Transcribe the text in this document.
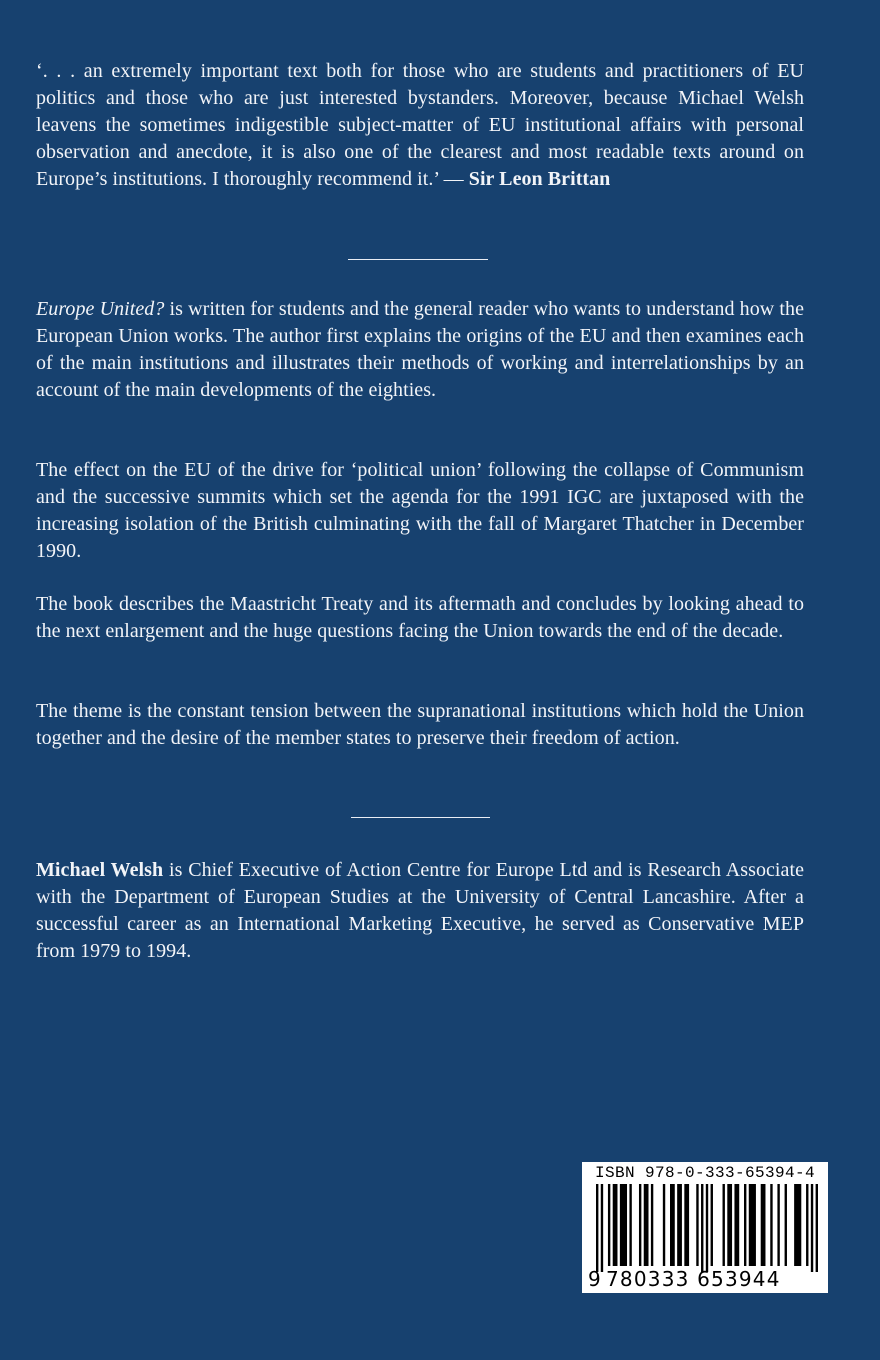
‘. . . an extremely important text both for those who are students and practitioners of EU politics and those who are just interested bystanders. Moreover, because Michael Welsh leavens the sometimes indigestible subject-matter of EU institutional affairs with personal observation and anecdote, it is also one of the clearest and most readable texts around on Europe’s institutions. I thoroughly recommend it.’ — Sir Leon Brittan

Europe United? is written for students and the general reader who wants to understand how the European Union works. The author first explains the origins of the EU and then examines each of the main institutions and illustrates their methods of working and interrelationships by an account of the main developments of the eighties.

The effect on the EU of the drive for ‘political union’ following the collapse of Communism and the successive summits which set the agenda for the 1991 IGC are juxtaposed with the increasing isolation of the British culminating with the fall of Margaret Thatcher in December 1990.

The book describes the Maastricht Treaty and its aftermath and concludes by looking ahead to the next enlargement and the huge questions facing the Union towards the end of the decade.

The theme is the constant tension between the supranational institutions which hold the Union together and the desire of the member states to preserve their freedom of action.

Michael Welsh is Chief Executive of Action Centre for Europe Ltd and is Research Associate with the Department of European Studies at the University of Central Lancashire. After a successful career as an International Marketing Executive, he served as Conservative MEP from 1979 to 1994.

ISBN 978-0-333-65394-4
9 780333 653944
